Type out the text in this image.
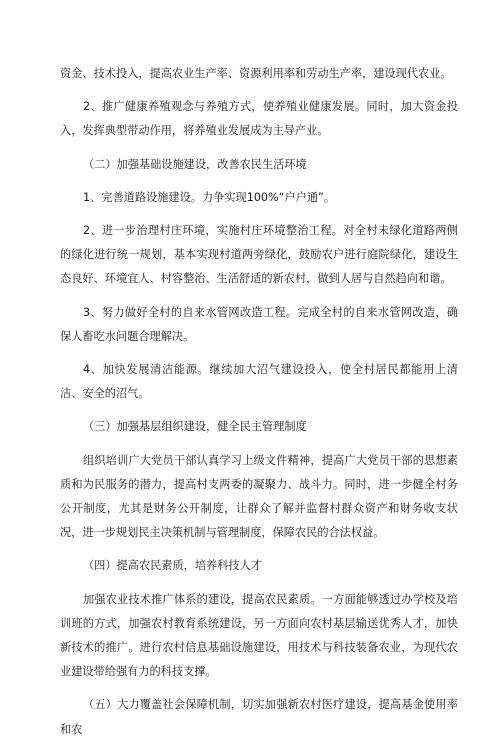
资金、技术投入，提高农业生产率、资源利用率和劳动生产率，建设现代农业。

2、推广健康养殖观念与养殖方式，使养殖业健康发展。同时，加大资金投入，发挥典型带动作用，将养殖业发展成为主导产业。

（二）加强基础设施建设，改善农民生活环境

1、完善道路设施建设。力争实现100%“户户通”。

2、进一步治理村庄环境，实施村庄环境整治工程。对全村未绿化道路两侧的绿化进行统一规划，基本实现村道两旁绿化，鼓励农户进行庭院绿化，建设生态良好、环境宜人、村容整治、生活舒适的新农村，做到人居与自然趋向和谐。

3、努力做好全村的自来水管网改造工程。完成全村的自来水管网改造，确保人畜吃水问题合理解决。

4、加快发展清洁能源。继续加大沼气建设投入，使全村居民都能用上清洁、安全的沼气。

（三）加强基层组织建设，健全民主管理制度

组织培训广大党员干部认真学习上级文件精神，提高广大党员干部的思想素质和为民服务的潜力，提高村支两委的凝聚力、战斗力。同时，进一步健全村务公开制度，尤其是财务公开制度，让群众了解并监督村群众资产和财务收支状况，进一步规划民主决策机制与管理制度，保障农民的合法权益。

（四）提高农民素质，培养科技人才

加强农业技术推广体系的建设，提高农民素质。一方面能够透过办学校及培训班的方式，加强农村教育系统建设，另一方面向农村基层输送优秀人才，加快新技术的推广。进行农村信息基础设施建设，用技术与科技装备农业，为现代农业建设带给强有力的科技支撑。

（五）大力覆盖社会保障机制，切实加强新农村医疗建设，提高基金使用率和农
